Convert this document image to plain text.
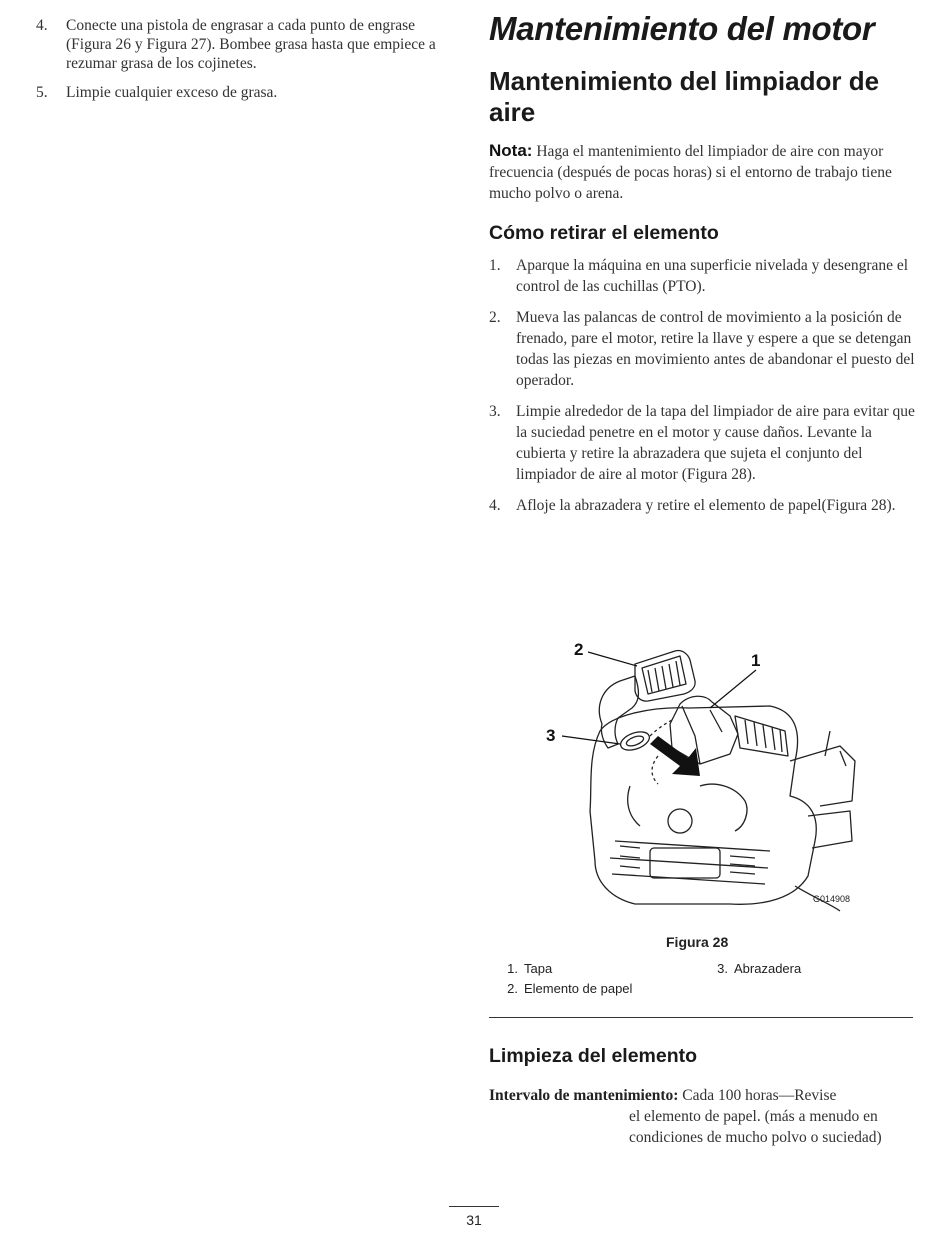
4. Conecte una pistola de engrasar a cada punto de engrase (Figura 26 y Figura 27). Bombee grasa hasta que empiece a rezumar grasa de los cojinetes.
5. Limpie cualquier exceso de grasa.
Mantenimiento del motor
Mantenimiento del limpiador de aire
Nota: Haga el mantenimiento del limpiador de aire con mayor frecuencia (después de pocas horas) si el entorno de trabajo tiene mucho polvo o arena.
Cómo retirar el elemento
1. Aparque la máquina en una superficie nivelada y desengrane el control de las cuchillas (PTO).
2. Mueva las palancas de control de movimiento a la posición de frenado, pare el motor, retire la llave y espere a que se detengan todas las piezas en movimiento antes de abandonar el puesto del operador.
3. Limpie alrededor de la tapa del limpiador de aire para evitar que la suciedad penetre en el motor y cause daños. Levante la cubierta y retire la abrazadera que sujeta el conjunto del limpiador de aire al motor (Figura 28).
4. Afloje la abrazadera y retire el elemento de papel(Figura 28).
2
1
3
G014908
Figura 28
1. Tapa	3. Abrazadera
2. Elemento de papel
Limpieza del elemento
Intervalo de mantenimiento: Cada 100 horas—Revise
el elemento de papel. (más a menudo en condiciones de mucho polvo o suciedad)
31
